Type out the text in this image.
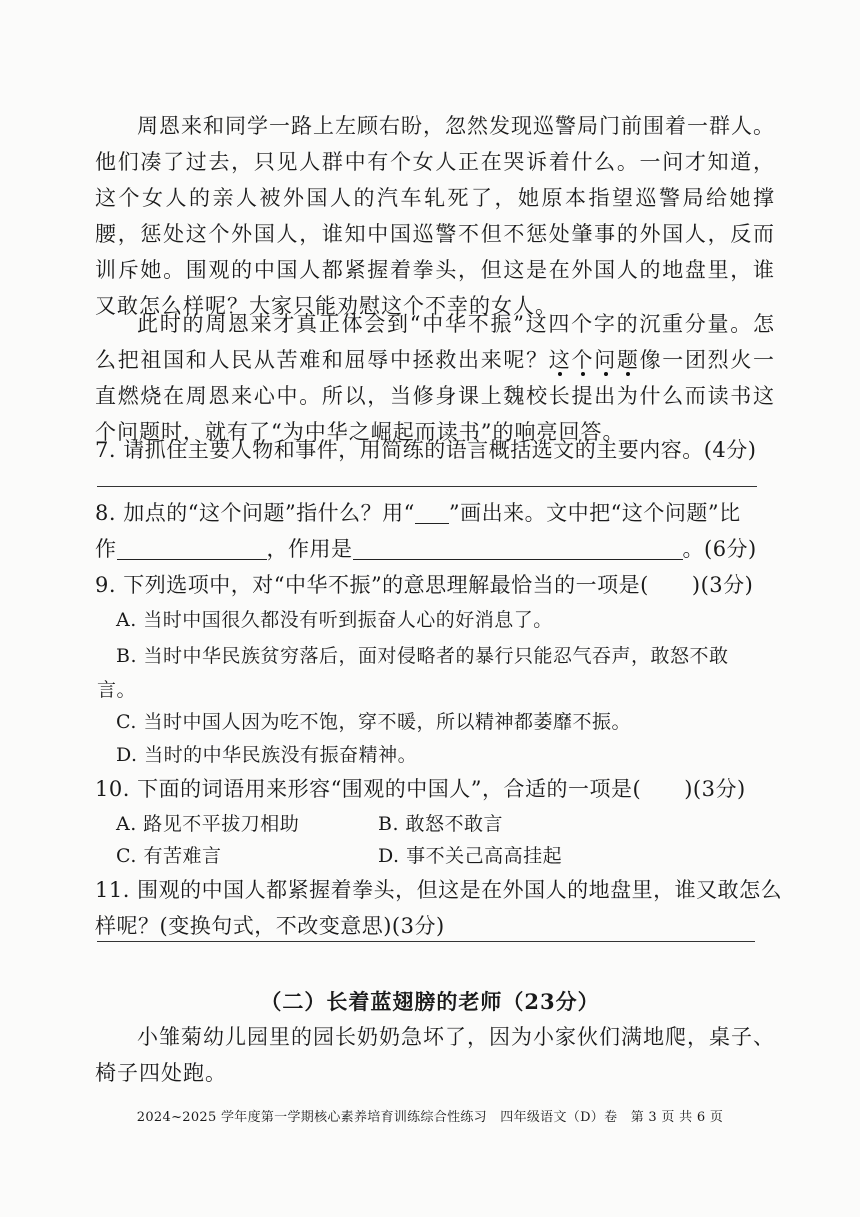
周恩来和同学一路上左顾右盼，忽然发现巡警局门前围着一群人。他们凑了过去，只见人群中有个女人正在哭诉着什么。一问才知道，这个女人的亲人被外国人的汽车轧死了，她原本指望巡警局给她撑腰，惩处这个外国人，谁知中国巡警不但不惩处肇事的外国人，反而训斥她。围观的中国人都紧握着拳头，但这是在外国人的地盘里，谁又敢怎么样呢？大家只能劝慰这个不幸的女人。
此时的周恩来才真正体会到“中华不振”这四个字的沉重分量。怎么把祖国和人民从苦难和屈辱中拯救出来呢？这个问题像一团烈火一直燃烧在周恩来心中。所以，当修身课上魏校长提出为什么而读书这个问题时，就有了“为中华之崛起而读书”的响亮回答。
7. 请抓住主要人物和事件，用简练的语言概括选文的主要内容。(4分)
8. 加点的“这个问题”指什么？用“ ”画出来。文中把“这个问题”比
作	，作用是	。(6分)
9. 下列选项中，对“中华不振”的意思理解最恰当的一项是(　　)(3分)
A. 当时中国很久都没有听到振奋人心的好消息了。
B. 当时中华民族贫穷落后，面对侵略者的暴行只能忍气吞声，敢怒不敢
言。
C. 当时中国人因为吃不饱，穿不暖，所以精神都萎靡不振。
D. 当时的中华民族没有振奋精神。
10. 下面的词语用来形容“围观的中国人”，合适的一项是(　　)(3分)
A. 路见不平拔刀相助	B. 敢怒不敢言
C. 有苦难言	D. 事不关己高高挂起
11. 围观的中国人都紧握着拳头，但这是在外国人的地盘里，谁又敢怎么
样呢？(变换句式，不改变意思)(3分)
（二）长着蓝翅膀的老师（23分）
小雏菊幼儿园里的园长奶奶急坏了，因为小家伙们满地爬，桌子、椅子四处跑。
2024~2025 学年度第一学期核心素养培育训练综合性练习　四年级语文（D）卷　第 3 页 共 6 页
